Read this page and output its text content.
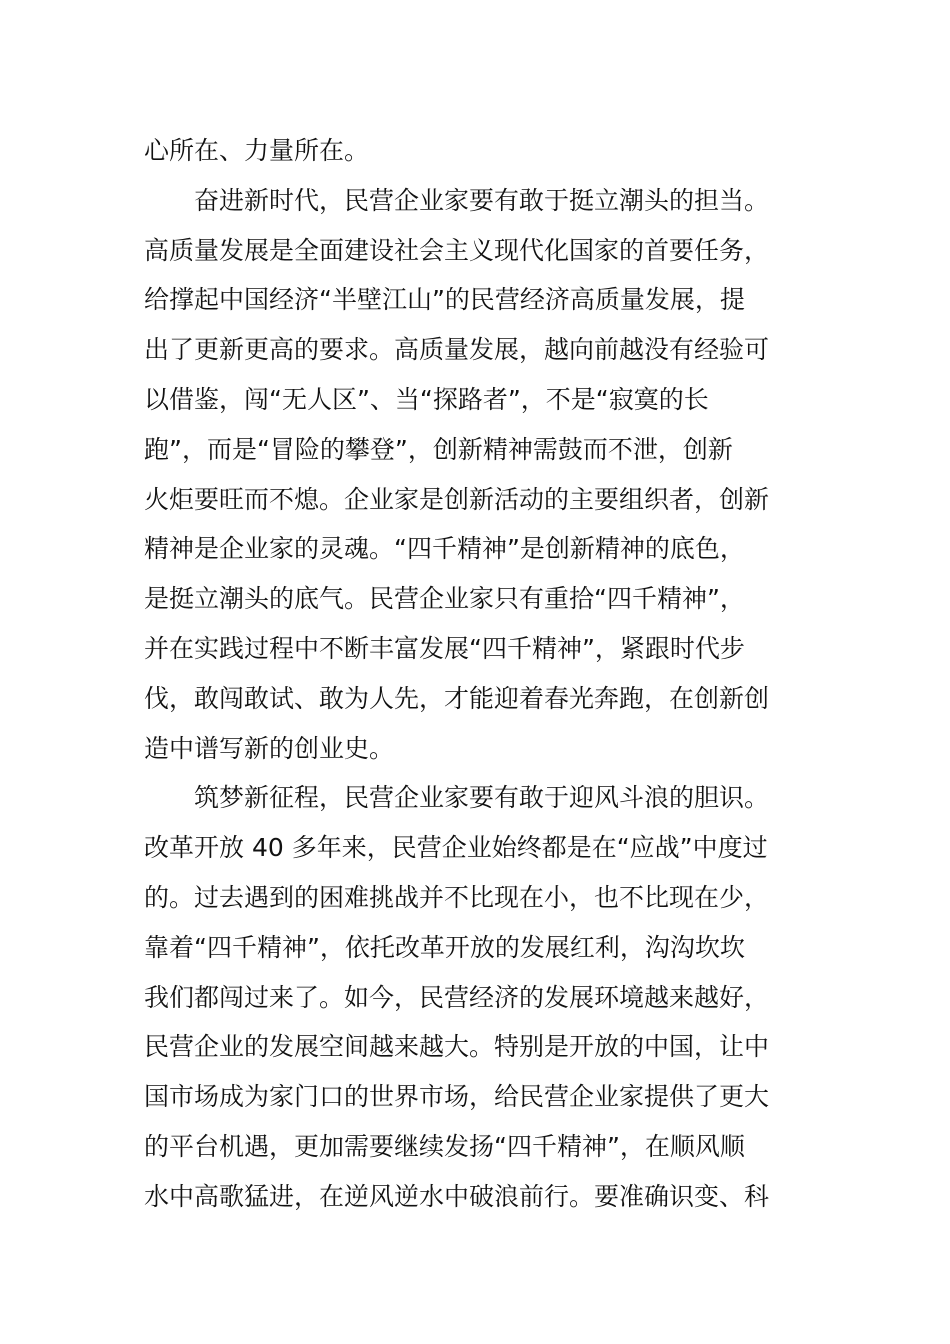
心所在、力量所在。
奋进新时代，民营企业家要有敢于挺立潮头的担当。
高质量发展是全面建设社会主义现代化国家的首要任务，
给撑起中国经济“半壁江山”的民营经济高质量发展，提
出了更新更高的要求。高质量发展，越向前越没有经验可
以借鉴，闯“无人区”、当“探路者”，不是“寂寞的长
跑”，而是“冒险的攀登”，创新精神需鼓而不泄，创新
火炬要旺而不熄。企业家是创新活动的主要组织者，创新
精神是企业家的灵魂。“四千精神”是创新精神的底色，
是挺立潮头的底气。民营企业家只有重拾“四千精神”，
并在实践过程中不断丰富发展“四千精神”，紧跟时代步
伐，敢闯敢试、敢为人先，才能迎着春光奔跑，在创新创
造中谱写新的创业史。
筑梦新征程，民营企业家要有敢于迎风斗浪的胆识。
改革开放 40 多年来，民营企业始终都是在“应战”中度过
的。过去遇到的困难挑战并不比现在小，也不比现在少，
靠着“四千精神”，依托改革开放的发展红利，沟沟坎坎
我们都闯过来了。如今，民营经济的发展环境越来越好，
民营企业的发展空间越来越大。特别是开放的中国，让中
国市场成为家门口的世界市场，给民营企业家提供了更大
的平台机遇，更加需要继续发扬“四千精神”，在顺风顺
水中高歌猛进，在逆风逆水中破浪前行。要准确识变、科
